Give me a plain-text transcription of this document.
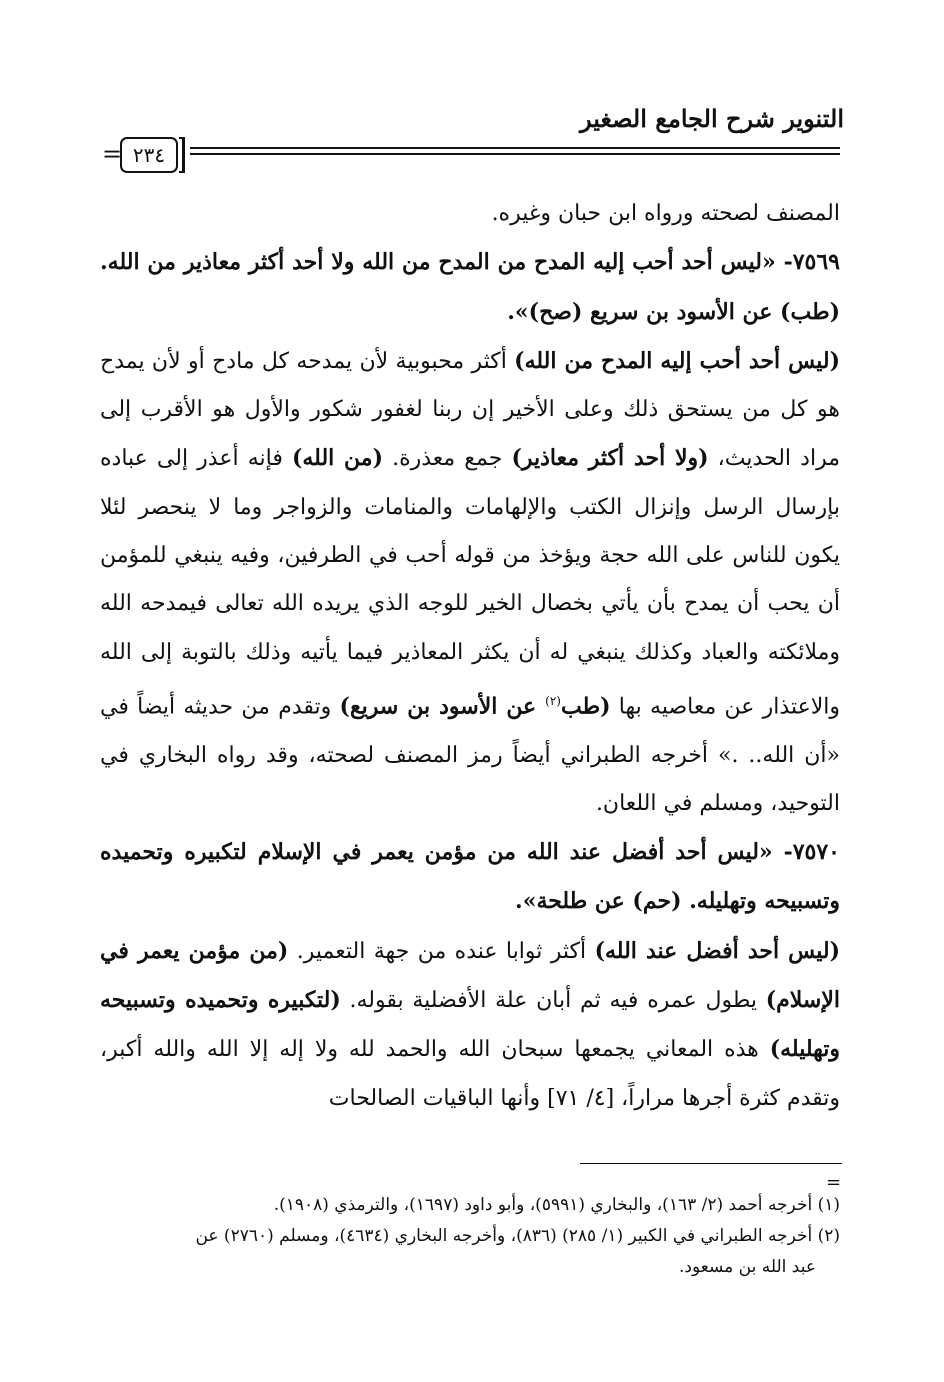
التنوير شرح الجامع الصغير
٢٣٤
=

المصنف لصحته ورواه ابن حبان وغيره.

٧٥٦٩- «ليس أحد أحب إليه المدح من المدح من الله ولا أحد أكثر معاذير من الله. (طب) عن الأسود بن سريع (صح)».

(ليس أحد أحب إليه المدح من الله) أكثر محبوبية لأن يمدحه كل مادح أو لأن يمدح هو كل من يستحق ذلك وعلى الأخير إن ربنا لغفور شكور والأول هو الأقرب إلى مراد الحديث، (ولا أحد أكثر معاذير) جمع معذرة. (من الله) فإنه أعذر إلى عباده بإرسال الرسل وإنزال الكتب والإلهامات والمنامات والزواجر وما لا ينحصر لئلا يكون للناس على الله حجة ويؤخذ من قوله أحب في الطرفين، وفيه ينبغي للمؤمن أن يحب أن يمدح بأن يأتي بخصال الخير للوجه الذي يريده الله تعالى فيمدحه الله وملائكته والعباد وكذلك ينبغي له أن يكثر المعاذير فيما يأتيه وذلك بالتوبة إلى الله والاعتذار عن معاصيه بها (طب$^{(٢)}$ عن الأسود بن سريع) وتقدم من حديثه أيضاً في «أن الله.. .» أخرجه الطبراني أيضاً رمز المصنف لصحته، وقد رواه البخاري في التوحيد، ومسلم في اللعان.

٧٥٧٠- «ليس أحد أفضل عند الله من مؤمن يعمر في الإسلام لتكبيره وتحميده وتسبيحه وتهليله. (حم) عن طلحة».

(ليس أحد أفضل عند الله) أكثر ثوابا عنده من جهة التعمير. (من مؤمن يعمر في الإسلام) يطول عمره فيه ثم أبان علة الأفضلية بقوله. (لتكبيره وتحميده وتسبيحه وتهليله) هذه المعاني يجمعها سبحان الله والحمد لله ولا إله إلا الله والله أكبر، وتقدم كثرة أجرها مراراً، [٤/ ٧١] وأنها الباقيات الصالحات

=

(١) أخرجه أحمد (٢/ ١٦٣)، والبخاري (٥٩٩١)، وأبو داود (١٦٩٧)، والترمذي (١٩٠٨).

(٢) أخرجه الطبراني في الكبير (١/ ٢٨٥) (٨٣٦)، وأخرجه البخاري (٤٦٣٤)، ومسلم (٢٧٦٠) عن

عبد الله بن مسعود.
